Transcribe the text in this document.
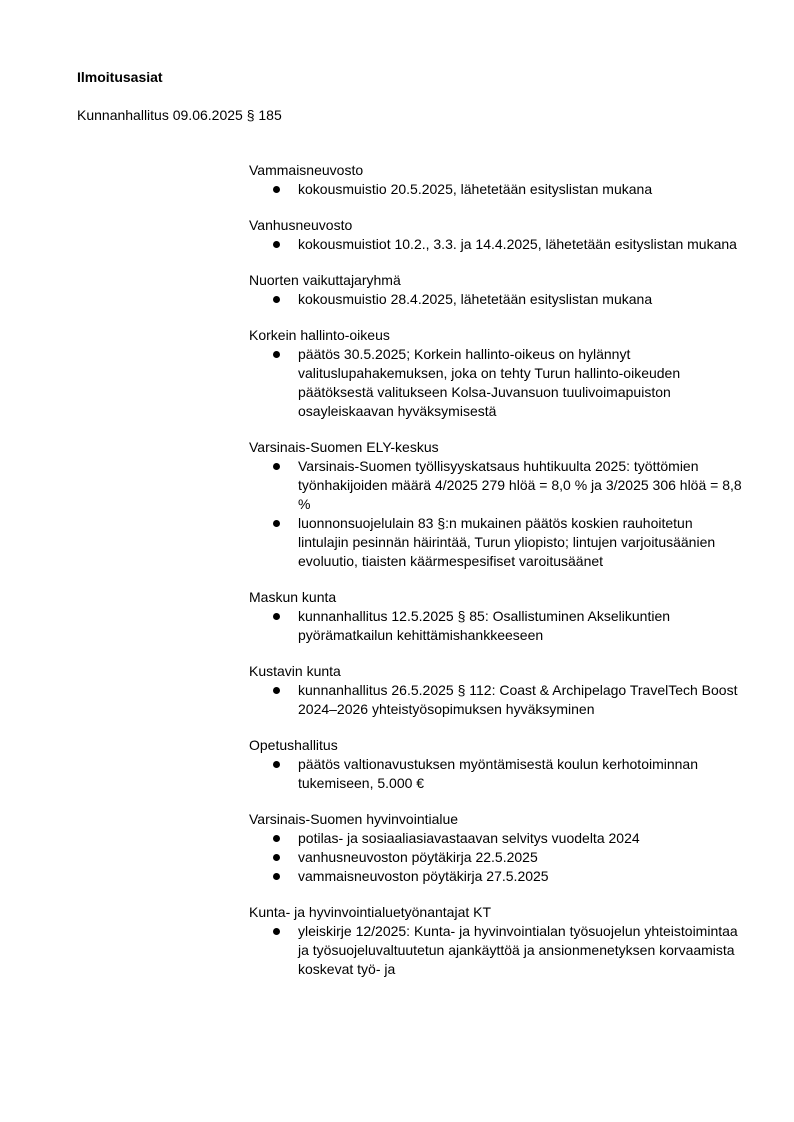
Ilmoitusasiat

Kunnanhallitus 09.06.2025 § 185

Vammaisneuvosto
kokousmuistio 20.5.2025, lähetetään esityslistan mukana
Vanhusneuvosto
kokousmuistiot 10.2., 3.3. ja 14.4.2025, lähetetään esityslistan mukana
Nuorten vaikuttajaryhmä
kokousmuistio 28.4.2025, lähetetään esityslistan mukana
Korkein hallinto-oikeus
päätös 30.5.2025; Korkein hallinto-oikeus on hylännyt valituslupahakemuksen, joka on tehty Turun hallinto-oikeuden päätöksestä valitukseen Kolsa-Juvansuon tuulivoimapuiston osayleiskaavan hyväksymisestä
Varsinais-Suomen ELY-keskus
Varsinais-Suomen työllisyyskatsaus huhtikuulta 2025: työttömien työnhakijoiden määrä 4/2025 279 hlöä = 8,0 % ja 3/2025 306 hlöä = 8,8 %
luonnonsuojelulain 83 §:n mukainen päätös koskien rauhoitetun lintulajin pesinnän häirintää, Turun yliopisto; lintujen varjoitusäänien evoluutio, tiaisten käärmespesifiset varoitusäänet
Maskun kunta
kunnanhallitus 12.5.2025 § 85: Osallistuminen Akselikuntien pyörämatkailun kehittämishankkeeseen
Kustavin kunta
kunnanhallitus 26.5.2025 § 112: Coast & Archipelago TravelTech Boost 2024–2026 yhteistyösopimuksen hyväksyminen
Opetushallitus
päätös valtionavustuksen myöntämisestä koulun kerhotoiminnan tukemiseen, 5.000 €
Varsinais-Suomen hyvinvointialue
potilas- ja sosiaaliasiavastaavan selvitys vuodelta 2024
vanhusneuvoston pöytäkirja 22.5.2025
vammaisneuvoston pöytäkirja 27.5.2025
Kunta- ja hyvinvointialuetyönantajat KT
yleiskirje 12/2025: Kunta- ja hyvinvointialan työsuojelun yhteistoimintaa ja työsuojeluvaltuutetun ajankäyttöä ja ansionmenetyksen korvaamista koskevat työ- ja
